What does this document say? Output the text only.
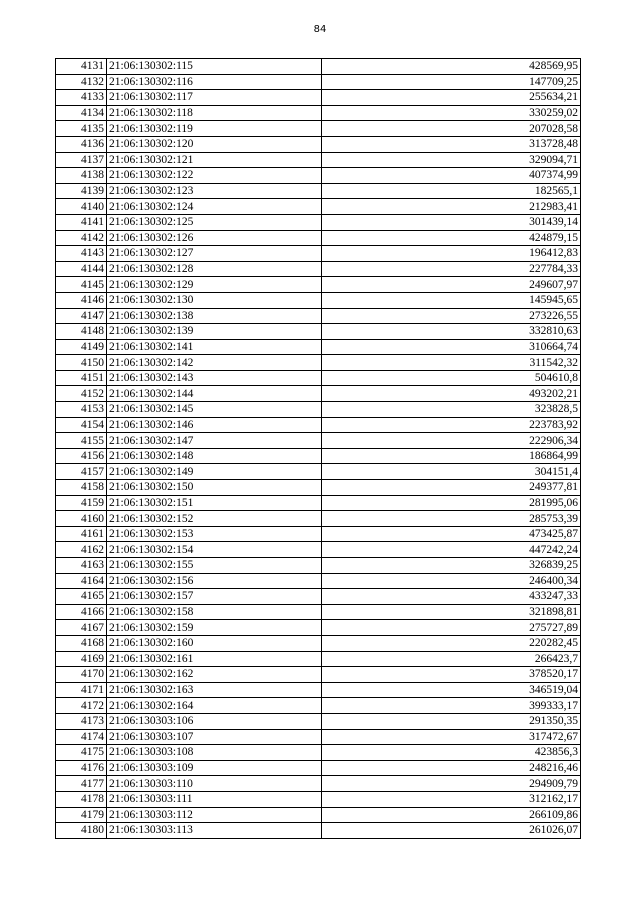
84
4131	21:06:130302:115	428569,95
4132	21:06:130302:116	147709,25
4133	21:06:130302:117	255634,21
4134	21:06:130302:118	330259,02
4135	21:06:130302:119	207028,58
4136	21:06:130302:120	313728,48
4137	21:06:130302:121	329094,71
4138	21:06:130302:122	407374,99
4139	21:06:130302:123	182565,1
4140	21:06:130302:124	212983,41
4141	21:06:130302:125	301439,14
4142	21:06:130302:126	424879,15
4143	21:06:130302:127	196412,83
4144	21:06:130302:128	227784,33
4145	21:06:130302:129	249607,97
4146	21:06:130302:130	145945,65
4147	21:06:130302:138	273226,55
4148	21:06:130302:139	332810,63
4149	21:06:130302:141	310664,74
4150	21:06:130302:142	311542,32
4151	21:06:130302:143	504610,8
4152	21:06:130302:144	493202,21
4153	21:06:130302:145	323828,5
4154	21:06:130302:146	223783,92
4155	21:06:130302:147	222906,34
4156	21:06:130302:148	186864,99
4157	21:06:130302:149	304151,4
4158	21:06:130302:150	249377,81
4159	21:06:130302:151	281995,06
4160	21:06:130302:152	285753,39
4161	21:06:130302:153	473425,87
4162	21:06:130302:154	447242,24
4163	21:06:130302:155	326839,25
4164	21:06:130302:156	246400,34
4165	21:06:130302:157	433247,33
4166	21:06:130302:158	321898,81
4167	21:06:130302:159	275727,89
4168	21:06:130302:160	220282,45
4169	21:06:130302:161	266423,7
4170	21:06:130302:162	378520,17
4171	21:06:130302:163	346519,04
4172	21:06:130302:164	399333,17
4173	21:06:130303:106	291350,35
4174	21:06:130303:107	317472,67
4175	21:06:130303:108	423856,3
4176	21:06:130303:109	248216,46
4177	21:06:130303:110	294909,79
4178	21:06:130303:111	312162,17
4179	21:06:130303:112	266109,86
4180	21:06:130303:113	261026,07
